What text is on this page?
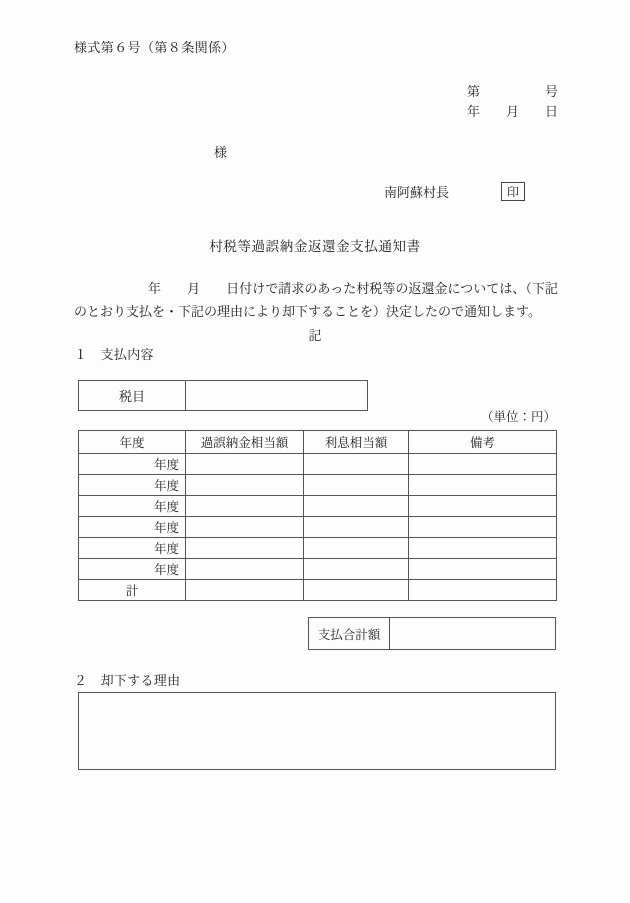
様式第６号（第８条関係）
第　　　　　号
年　　月　　日
様
南阿蘇村長	印
村税等過誤納金返還金支払通知書
年　　月　　日付けで請求のあった村税等の返還金については、（下記のとおり支払を・下記の理由により却下することを）決定したので通知します。
記
１　支払内容
税目
（単位：円）
年度	過誤納金相当額	利息相当額	備考
年度			
年度			
年度			
年度			
年度			
年度			
計			
支払合計額
２　却下する理由
